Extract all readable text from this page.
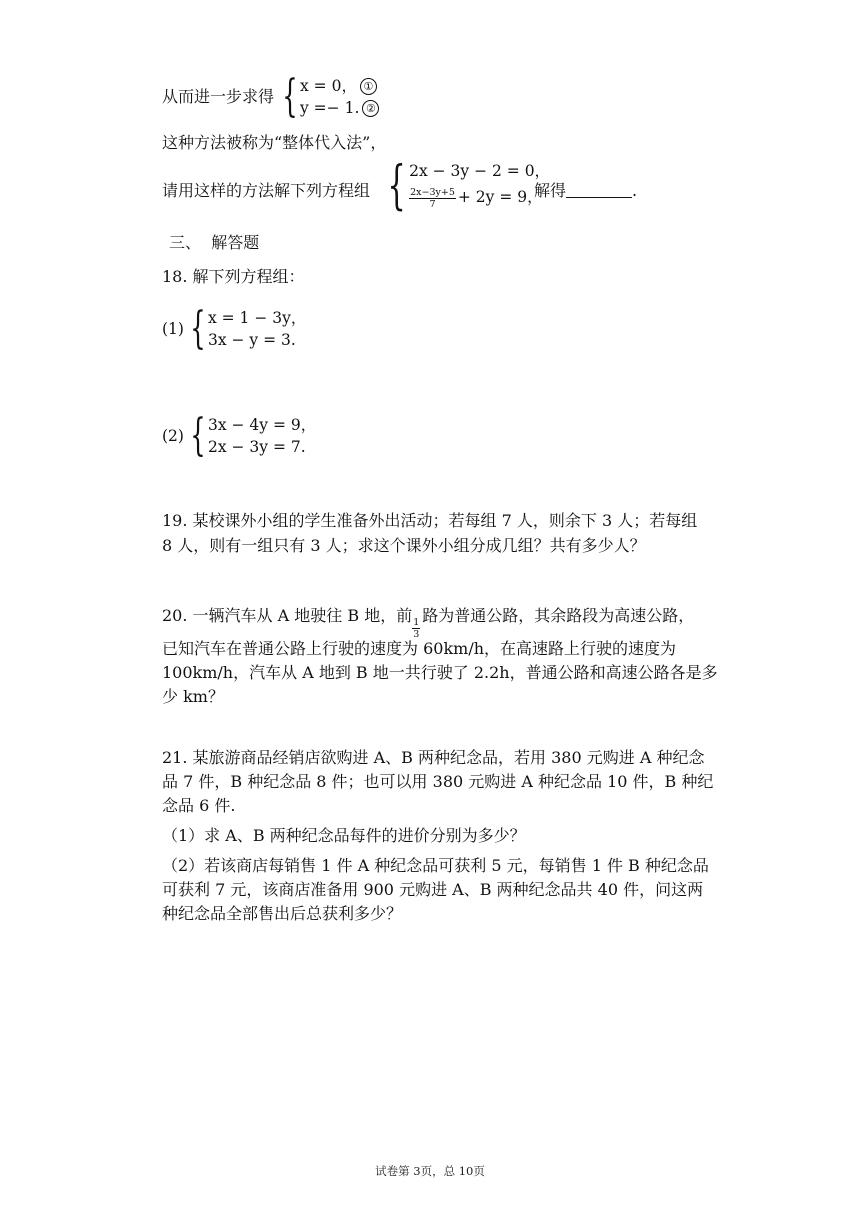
从而进一步求得 { x = 0， ①
y =− 1. ②
这种方法被称为“整体代入法”，
请用这样的方法解下列方程组 { 2x − 3y − 2 = 0，
$\frac{2x-3y+5}{7} + 2y = 9$，
解得	.
三、 解答题
18. 解下列方程组：
(1) { x = 1 − 3y，
3x − y = 3.
(2) { 3x − 4y = 9，
2x − 3y = 7.
19. 某校课外小组的学生准备外出活动；若每组 7 人，则余下 3 人；若每组
8 人，则有一组只有 3 人；求这个课外小组分成几组？共有多少人？
20. 一辆汽车从 A 地驶往 B 地，前
$\frac{1}{3}$
路为普通公路，其余路段为高速公路，
已知汽车在普通公路上行驶的速度为 60km/h，在高速路上行驶的速度为
100km/h，汽车从 A 地到 B 地一共行驶了 2.2h，普通公路和高速公路各是多
少 km？
21. 某旅游商品经销店欲购进 A、B 两种纪念品，若用 380 元购进 A 种纪念
品 7 件，B 种纪念品 8 件；也可以用 380 元购进 A 种纪念品 10 件，B 种纪
念品 6 件.
（1）求 A、B 两种纪念品每件的进价分别为多少？
（2）若该商店每销售 1 件 A 种纪念品可获利 5 元，每销售 1 件 B 种纪念品
可获利 7 元，该商店准备用 900 元购进 A、B 两种纪念品共 40 件，问这两
种纪念品全部售出后总获利多少？
试卷第 3页，总 10页
